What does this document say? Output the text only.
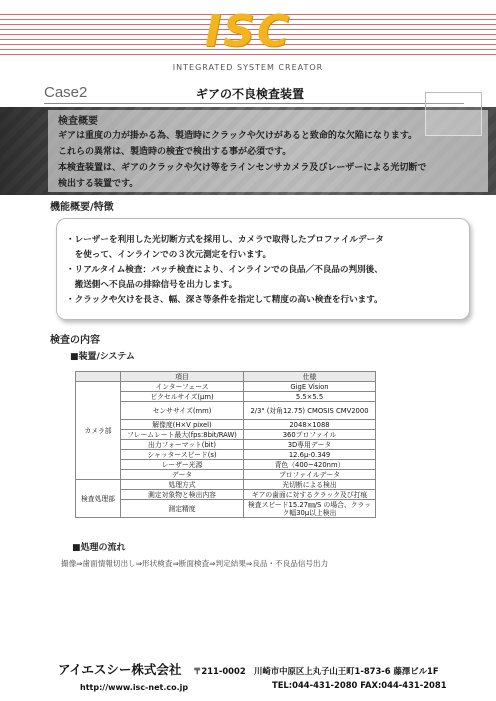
ISC
INTEGRATED SYSTEM CREATOR
Case2	ギアの不良検査装置
検査概要
ギアは重度の力が掛かる為、製造時にクラックや欠けがあると致命的な欠陥になります。
これらの異常は、製造時の検査で検出する事が必須です。
本検査装置は、ギアのクラックや欠け等をラインセンサカメラ及びレーザーによる光切断で
検出する装置です。
機能概要/特徴
・レーザーを利用した光切断方式を採用し、カメラで取得したプロファイルデータ
　を使って、インラインでの３次元測定を行います。
・リアルタイム検査：バッチ検査により、インラインでの良品／不良品の判別後、
　搬送側へ不良品の排除信号を出力します。
・クラックや欠けを長さ、幅、深さ等条件を指定して精度の高い検査を行います。
検査の内容
■装置/システム
	項目	仕様
カメラ部	インターフェース	GigE Vision
	ピクセルサイズ(μm)	5.5×5.5
	センササイズ(mm)	2/3" (対角12.75) CMOSIS CMV2000
	解像度(H×V pixel)	2048×1088
	フレームレート最大(fps:8bit/RAW)	360プロファイル
	出力フォーマット(bit)	3D専用データ
	シャッタースピード(s)	12.6μ-0.349
	レーザー光源	青色（400~420nm）
	データ	プロファイルデータ
検査処理部	処理方式	光切断による検出
	測定対象物と検出内容	ギアの歯面に対するクラック及び打痕
	測定精度	検査スピード15.27㎜/S の場合、クラック幅30μ以上検出
■処理の流れ
撮像⇒歯面情報切出し⇒形状検査⇒断面検査⇒判定結果⇒良品・不良品信号出力
アイエスシー株式会社
http://www.isc-net.co.jp
〒211-0002　川崎市中原区上丸子山王町1-873-6 藤澤ビル1F
TEL:044-431-2080 FAX:044-431-2081
